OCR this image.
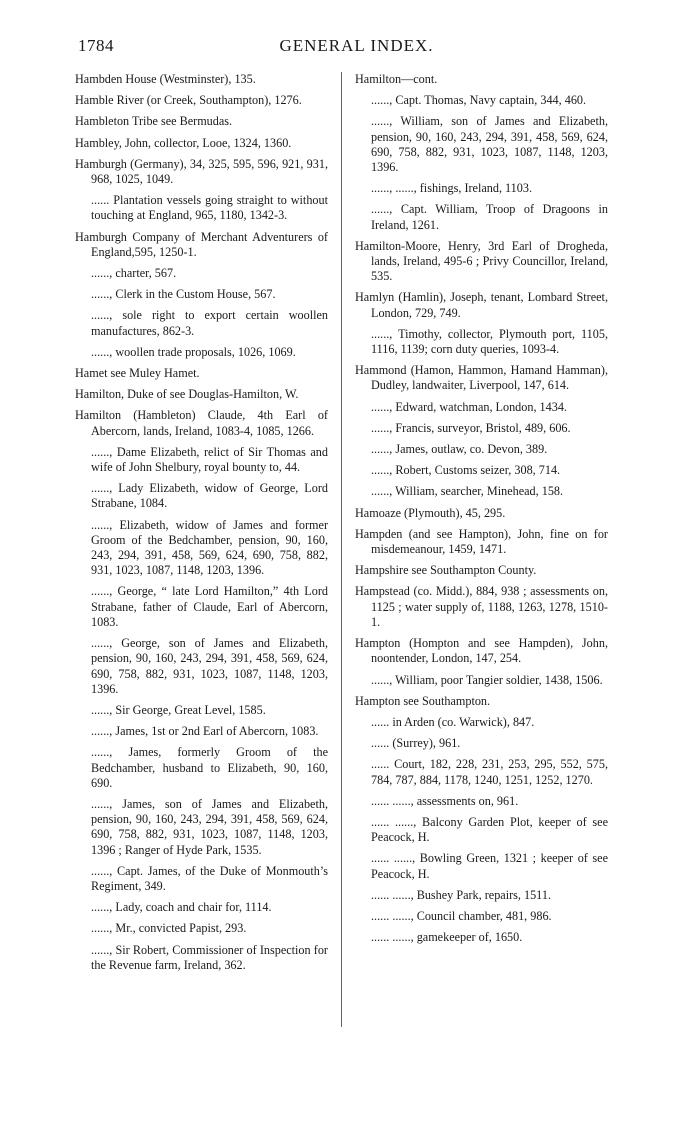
1784	GENERAL INDEX.

Hambden House (Westminster), 135.

Hamble River (or Creek, Southampton), 1276.

Hambleton Tribe see Bermudas.

Hambley, John, collector, Looe, 1324, 1360.

Hamburgh (Germany), 34, 325, 595, 596, 921, 931, 968, 1025, 1049.

...... Plantation vessels going straight to without touching at England, 965, 1180, 1342-3.

Hamburgh Company of Merchant Adventurers of England,595, 1250-1.

......, charter, 567.

......, Clerk in the Custom House, 567.

......, sole right to export certain woollen manufactures, 862-3.

......, woollen trade proposals, 1026, 1069.

Hamet see Muley Hamet.

Hamilton, Duke of see Douglas-Hamilton, W.

Hamilton (Hambleton) Claude, 4th Earl of Abercorn, lands, Ireland, 1083-4, 1085, 1266.

......, Dame Elizabeth, relict of Sir Thomas and wife of John Shelbury, royal bounty to, 44.

......, Lady Elizabeth, widow of George, Lord Strabane, 1084.

......, Elizabeth, widow of James and former Groom of the Bedchamber, pension, 90, 160, 243, 294, 391, 458, 569, 624, 690, 758, 882, 931, 1023, 1087, 1148, 1203, 1396.

......, George, “ late Lord Hamilton,” 4th Lord Strabane, father of Claude, Earl of Abercorn, 1083.

......, George, son of James and Elizabeth, pension, 90, 160, 243, 294, 391, 458, 569, 624, 690, 758, 882, 931, 1023, 1087, 1148, 1203, 1396.

......, Sir George, Great Level, 1585.

......, James, 1st or 2nd Earl of Abercorn, 1083.

......, James, formerly Groom of the Bedchamber, husband to Elizabeth, 90, 160, 690.

......, James, son of James and Elizabeth, pension, 90, 160, 243, 294, 391, 458, 569, 624, 690, 758, 882, 931, 1023, 1087, 1148, 1203, 1396 ; Ranger of Hyde Park, 1535.

......, Capt. James, of the Duke of Monmouth’s Regiment, 349.

......, Lady, coach and chair for, 1114.

......, Mr., convicted Papist, 293.

......, Sir Robert, Commissioner of Inspection for the Revenue farm, Ireland, 362.

Hamilton—cont.

......, Capt. Thomas, Navy captain, 344, 460.

......, William, son of James and Elizabeth, pension, 90, 160, 243, 294, 391, 458, 569, 624, 690, 758, 882, 931, 1023, 1087, 1148, 1203, 1396.

......, ......, fishings, Ireland, 1103.

......, Capt. William, Troop of Dragoons in Ireland, 1261.

Hamilton-Moore, Henry, 3rd Earl of Drogheda, lands, Ireland, 495-6 ; Privy Councillor, Ireland, 535.

Hamlyn (Hamlin), Joseph, tenant, Lombard Street, London, 729, 749.

......, Timothy, collector, Plymouth port, 1105, 1116, 1139; corn duty queries, 1093-4.

Hammond (Hamon, Hammon, Hamand Hamman), Dudley, landwaiter, Liverpool, 147, 614.

......, Edward, watchman, London, 1434.

......, Francis, surveyor, Bristol, 489, 606.

......, James, outlaw, co. Devon, 389.

......, Robert, Customs seizer, 308, 714.

......, William, searcher, Minehead, 158.

Hamoaze (Plymouth), 45, 295.

Hampden (and see Hampton), John, fine on for misdemeanour, 1459, 1471.

Hampshire see Southampton County.

Hampstead (co. Midd.), 884, 938 ; assessments on, 1125 ; water supply of, 1188, 1263, 1278, 1510-1.

Hampton (Hompton and see Hampden), John, noontender, London, 147, 254.

......, William, poor Tangier soldier, 1438, 1506.

Hampton see Southampton.

...... in Arden (co. Warwick), 847.

...... (Surrey), 961.

...... Court, 182, 228, 231, 253, 295, 552, 575, 784, 787, 884, 1178, 1240, 1251, 1252, 1270.

...... ......, assessments on, 961.

...... ......, Balcony Garden Plot, keeper of see Peacock, H.

...... ......, Bowling Green, 1321 ; keeper of see Peacock, H.

...... ......, Bushey Park, repairs, 1511.

...... ......, Council chamber, 481, 986.

...... ......, gamekeeper of, 1650.
